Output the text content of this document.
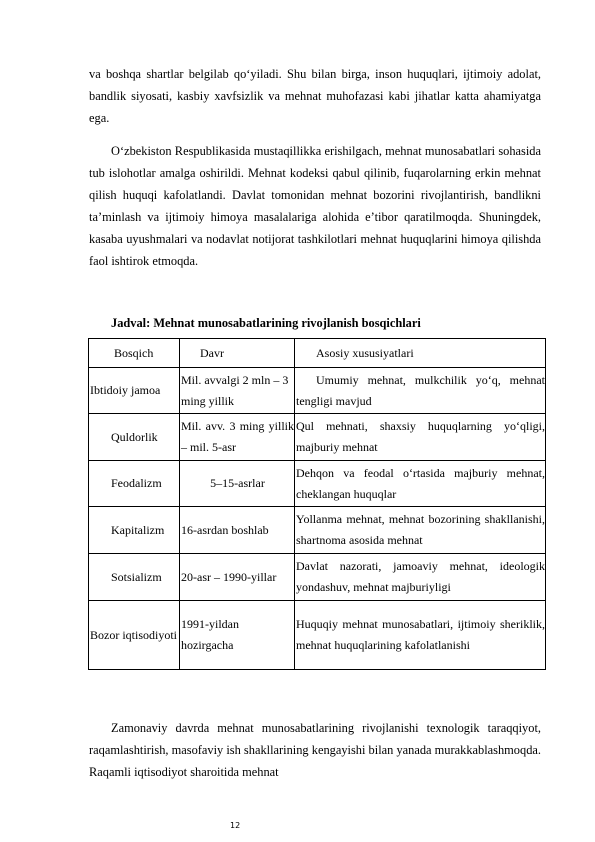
va boshqa shartlar belgilab qo‘yiladi. Shu bilan birga, inson huquqlari, ijtimoiy adolat, bandlik siyosati, kasbiy xavfsizlik va mehnat muhofazasi kabi jihatlar katta ahamiyatga ega.

O‘zbekiston Respublikasida mustaqillikka erishilgach, mehnat munosabatlari sohasida tub islohotlar amalga oshirildi. Mehnat kodeksi qabul qilinib, fuqarolarning erkin mehnat qilish huquqi kafolatlandi. Davlat tomonidan mehnat bozorini rivojlantirish, bandlikni ta’minlash va ijtimoiy himoya masalalariga alohida e’tibor qaratilmoqda. Shuningdek, kasaba uyushmalari va nodavlat notijorat tashkilotlari mehnat huquqlarini himoya qilishda faol ishtirok etmoqda.

Jadval: Mehnat munosabatlarining rivojlanish bosqichlari
Bosqich	Davr	Asosiy xususiyatlari
Ibtidoiy jamoa	Mil. avvalgi 2 mln – 3 ming yillik	Umumiy mehnat, mulkchilik yo‘q, mehnat tengligi mavjud
Quldorlik	Mil. avv. 3 ming yillik – mil. 5-asr	Qul mehnati, shaxsiy huquqlarning yo‘qligi, majburiy mehnat
Feodalizm	5–15-asrlar	Dehqon va feodal o‘rtasida majburiy mehnat, cheklangan huquqlar
Kapitalizm	16-asrdan boshlab	Yollanma mehnat, mehnat bozorining shakllanishi, shartnoma asosida mehnat
Sotsializm	20-asr – 1990-yillar	Davlat nazorati, jamoaviy mehnat, ideologik yondashuv, mehnat majburiyligi
Bozor iqtisodiyoti	1991-yildan hozirgacha	Huquqiy mehnat munosabatlari, ijtimoiy sheriklik, mehnat huquqlarining kafolatlanishi

Zamonaviy davrda mehnat munosabatlarining rivojlanishi texnologik taraqqiyot, raqamlashtirish, masofaviy ish shakllarining kengayishi bilan yanada murakkablashmoqda. Raqamli iqtisodiyot sharoitida mehnat

12
